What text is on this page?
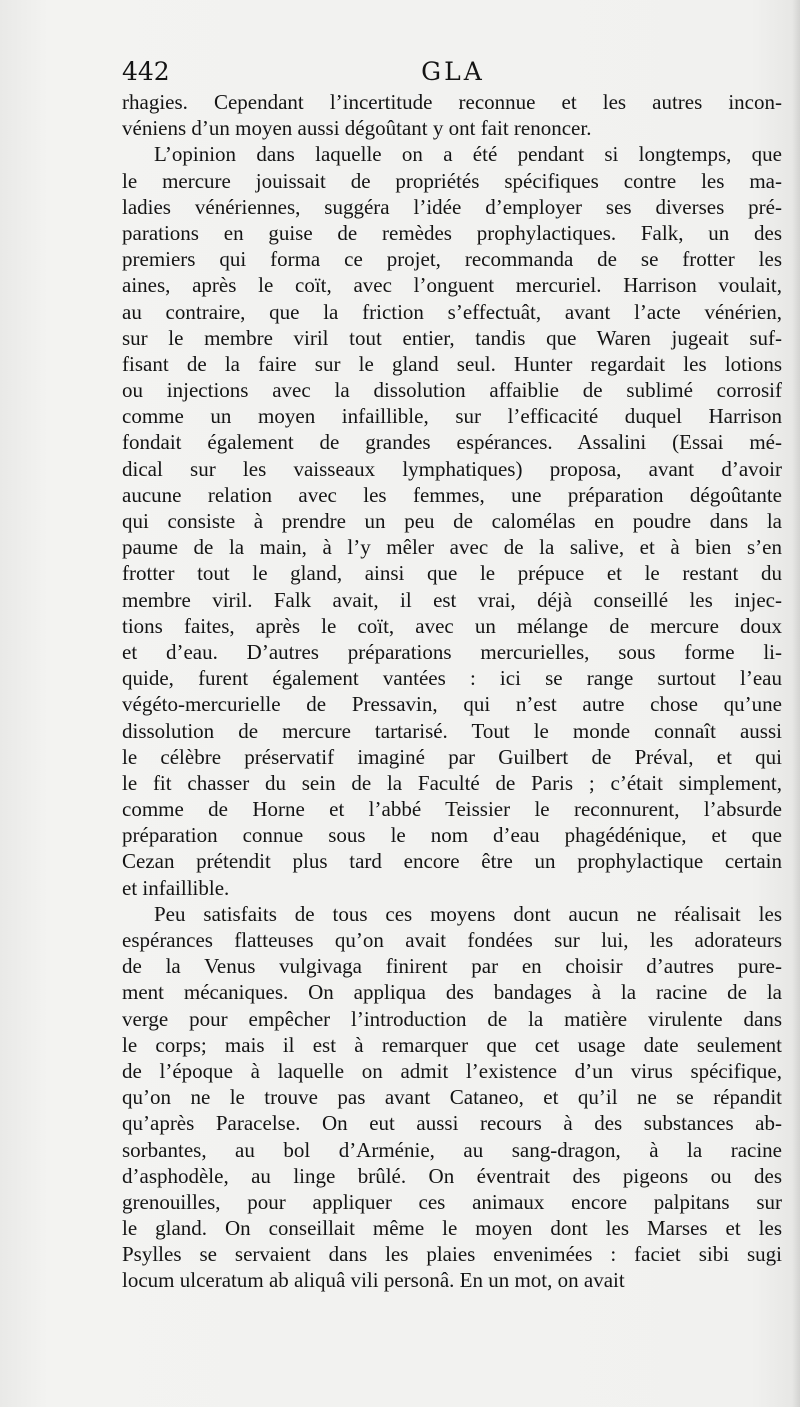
442	GLA
rhagies. Cependant l’incertitude reconnue et les autres incon-
véniens d’un moyen aussi dégoûtant y ont fait renoncer.
L’opinion dans laquelle on a été pendant si longtemps, que
le mercure jouissait de propriétés spécifiques contre les ma-
ladies vénériennes, suggéra l’idée d’employer ses diverses pré-
parations en guise de remèdes prophylactiques. Falk, un des
premiers qui forma ce projet, recommanda de se frotter les
aines, après le coït, avec l’onguent mercuriel. Harrison voulait,
au contraire, que la friction s’effectuât, avant l’acte vénérien,
sur le membre viril tout entier, tandis que Waren jugeait suf-
fisant de la faire sur le gland seul. Hunter regardait les lotions
ou injections avec la dissolution affaiblie de sublimé corrosif
comme un moyen infaillible, sur l’efficacité duquel Harrison
fondait également de grandes espérances. Assalini (Essai mé-
dical sur les vaisseaux lymphatiques) proposa, avant d’avoir
aucune relation avec les femmes, une préparation dégoûtante
qui consiste à prendre un peu de calomélas en poudre dans la
paume de la main, à l’y mêler avec de la salive, et à bien s’en
frotter tout le gland, ainsi que le prépuce et le restant du
membre viril. Falk avait, il est vrai, déjà conseillé les injec-
tions faites, après le coït, avec un mélange de mercure doux
et d’eau. D’autres préparations mercurielles, sous forme li-
quide, furent également vantées : ici se range surtout l’eau
végéto-mercurielle de Pressavin, qui n’est autre chose qu’une
dissolution de mercure tartarisé. Tout le monde connaît aussi
le célèbre préservatif imaginé par Guilbert de Préval, et qui
le fit chasser du sein de la Faculté de Paris ; c’était simplement,
comme de Horne et l’abbé Teissier le reconnurent, l’absurde
préparation connue sous le nom d’eau phagédénique, et que
Cezan prétendit plus tard encore être un prophylactique certain
et infaillible.
Peu satisfaits de tous ces moyens dont aucun ne réalisait les
espérances flatteuses qu’on avait fondées sur lui, les adorateurs
de la Venus vulgivaga finirent par en choisir d’autres pure-
ment mécaniques. On appliqua des bandages à la racine de la
verge pour empêcher l’introduction de la matière virulente dans
le corps; mais il est à remarquer que cet usage date seulement
de l’époque à laquelle on admit l’existence d’un virus spécifique,
qu’on ne le trouve pas avant Cataneo, et qu’il ne se répandit
qu’après Paracelse. On eut aussi recours à des substances ab-
sorbantes, au bol d’Arménie, au sang-dragon, à la racine
d’asphodèle, au linge brûlé. On éventrait des pigeons ou des
grenouilles, pour appliquer ces animaux encore palpitans sur
le gland. On conseillait même le moyen dont les Marses et les
Psylles se servaient dans les plaies envenimées : faciet sibi sugi
locum ulceratum ab aliquâ vili personâ. En un mot, on avait
